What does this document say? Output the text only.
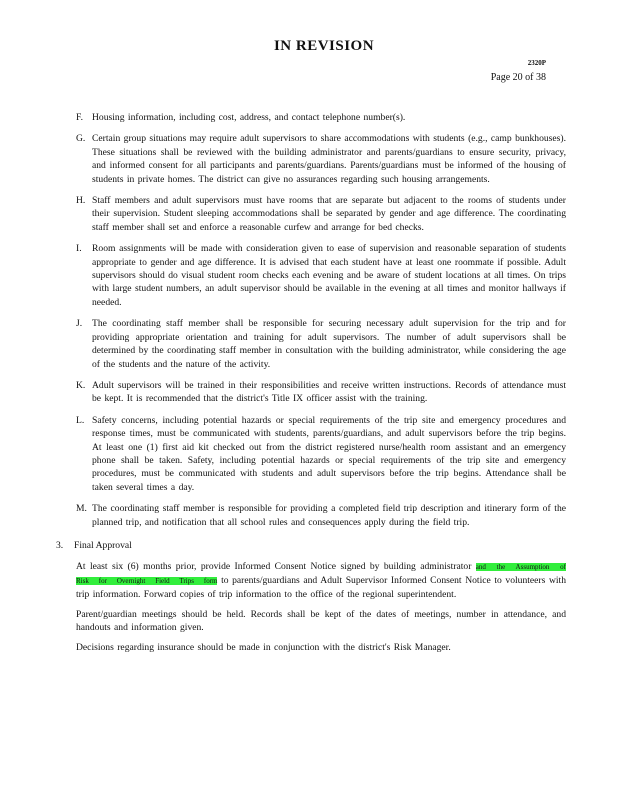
IN REVISION
2320P
Page 20 of 38
F. Housing information, including cost, address, and contact telephone number(s).
G. Certain group situations may require adult supervisors to share accommodations with students (e.g., camp bunkhouses). These situations shall be reviewed with the building administrator and parents/guardians to ensure security, privacy, and informed consent for all participants and parents/guardians. Parents/guardians must be informed of the housing of students in private homes. The district can give no assurances regarding such housing arrangements.
H. Staff members and adult supervisors must have rooms that are separate but adjacent to the rooms of students under their supervision. Student sleeping accommodations shall be separated by gender and age difference. The coordinating staff member shall set and enforce a reasonable curfew and arrange for bed checks.
I. Room assignments will be made with consideration given to ease of supervision and reasonable separation of students appropriate to gender and age difference. It is advised that each student have at least one roommate if possible. Adult supervisors should do visual student room checks each evening and be aware of student locations at all times. On trips with large student numbers, an adult supervisor should be available in the evening at all times and monitor hallways if needed.
J. The coordinating staff member shall be responsible for securing necessary adult supervision for the trip and for providing appropriate orientation and training for adult supervisors. The number of adult supervisors shall be determined by the coordinating staff member in consultation with the building administrator, while considering the age of the students and the nature of the activity.
K. Adult supervisors will be trained in their responsibilities and receive written instructions. Records of attendance must be kept. It is recommended that the district's Title IX officer assist with the training.
L. Safety concerns, including potential hazards or special requirements of the trip site and emergency procedures and response times, must be communicated with students, parents/guardians, and adult supervisors before the trip begins. At least one (1) first aid kit checked out from the district registered nurse/health room assistant and an emergency phone shall be taken. Safety, including potential hazards or special requirements of the trip site and emergency procedures, must be communicated with students and adult supervisors before the trip begins. Attendance shall be taken several times a day.
M. The coordinating staff member is responsible for providing a completed field trip description and itinerary form of the planned trip, and notification that all school rules and consequences apply during the field trip.
3. Final Approval
At least six (6) months prior, provide Informed Consent Notice signed by building administrator and the Assumption of Risk for Overnight Field Trips form to parents/guardians and Adult Supervisor Informed Consent Notice to volunteers with trip information. Forward copies of trip information to the office of the regional superintendent.
Parent/guardian meetings should be held. Records shall be kept of the dates of meetings, number in attendance, and handouts and information given.
Decisions regarding insurance should be made in conjunction with the district's Risk Manager.
